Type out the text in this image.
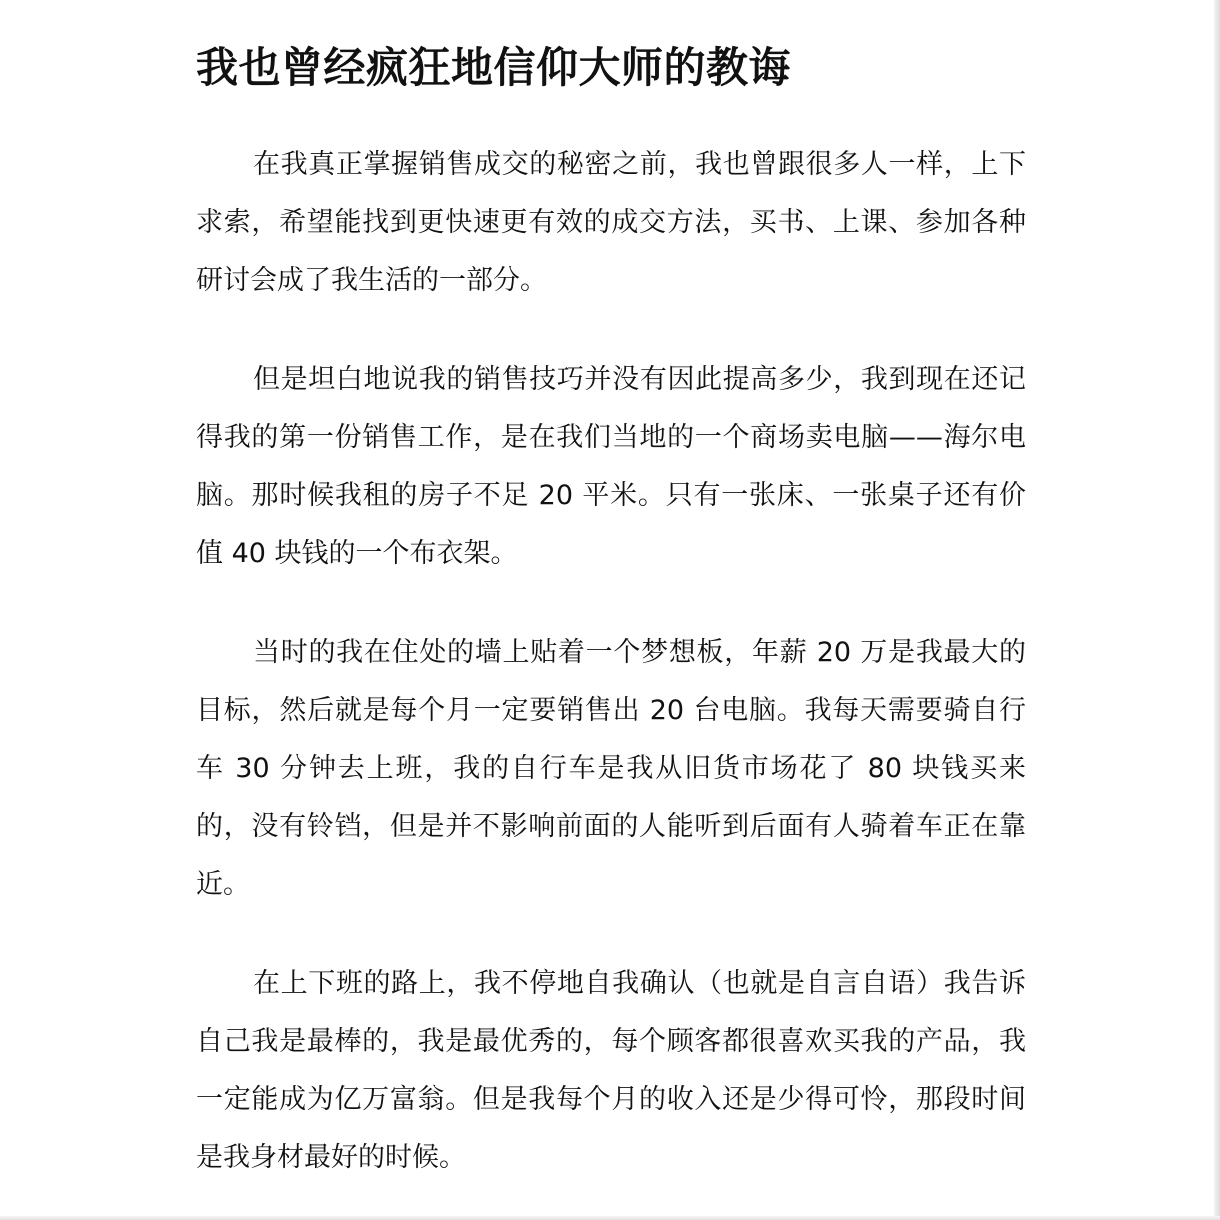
我也曾经疯狂地信仰大师的教诲

在我真正掌握销售成交的秘密之前，我也曾跟很多人一样，上下求索，希望能找到更快速更有效的成交方法，买书、上课、参加各种研讨会成了我生活的一部分。

但是坦白地说我的销售技巧并没有因此提高多少，我到现在还记得我的第一份销售工作，是在我们当地的一个商场卖电脑——海尔电脑。那时候我租的房子不足 20 平米。只有一张床、一张桌子还有价值 40 块钱的一个布衣架。

当时的我在住处的墙上贴着一个梦想板，年薪 20 万是我最大的目标，然后就是每个月一定要销售出 20 台电脑。我每天需要骑自行车 30 分钟去上班，我的自行车是我从旧货市场花了 80 块钱买来的，没有铃铛，但是并不影响前面的人能听到后面有人骑着车正在靠近。

在上下班的路上，我不停地自我确认（也就是自言自语）我告诉自己我是最棒的，我是最优秀的，每个顾客都很喜欢买我的产品，我一定能成为亿万富翁。但是我每个月的收入还是少得可怜，那段时间是我身材最好的时候。
